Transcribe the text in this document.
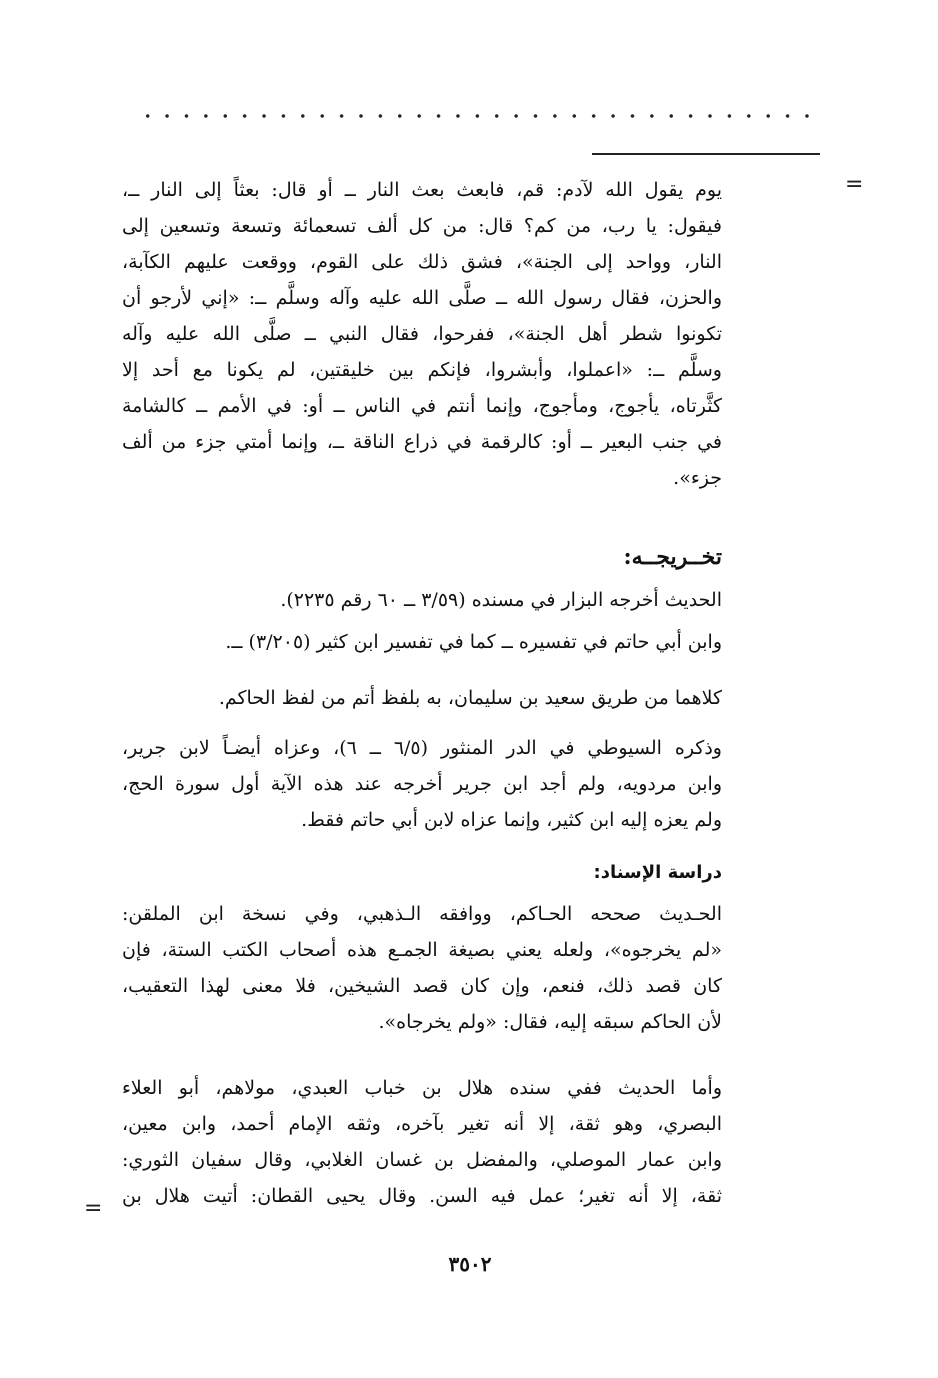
=
يوم يقول الله لآدم: قم، فابعث بعث النار ــ أو قال: بعثاً إلى النار ــ،
فيقول: يا رب، من كم؟ قال: من كل ألف تسعمائة وتسعة وتسعين إلى
النار، وواحد إلى الجنة»، فشق ذلك على القوم، ووقعت عليهم الكآبة،
والحزن، فقال رسول الله ــ صلَّى الله عليه وآله وسلَّم ــ: «إني لأرجو أن
تكونوا شطر أهل الجنة»، ففرحوا، فقال النبي ــ صلَّى الله عليه وآله
وسلَّم ــ: «اعملوا، وأبشروا، فإنكم بين خليقتين، لم يكونا مع أحد إلا
كثَّرتاه، يأجوج، ومأجوج، وإنما أنتم في الناس ــ أو: في الأمم ــ كالشامة
في جنب البعير ــ أو: كالرقمة في ذراع الناقة ــ، وإنما أمتي جزء من ألف
جزء».
تخــريجــه:
الحديث أخرجه البزار في مسنده (٣/٥٩ ــ ٦٠ رقم ٢٢٣٥).
وابن أبي حاتم في تفسيره ــ كما في تفسير ابن كثير (٣/٢٠٥) ــ.
كلاهما من طريق سعيد بن سليمان، به بلفظ أتم من لفظ الحاكم.
وذكره السيوطي في الدر المنثور (٦/٥ ــ ٦)، وعزاه أيضـاً لابن جرير،
وابن مردويه، ولم أجد ابن جرير أخرجه عند هذه الآية أول سورة الحج،
ولم يعزه إليه ابن كثير، وإنما عزاه لابن أبي حاتم فقط.
دراسة الإسناد:
الحـديث صححه الحـاكم، ووافقه الـذهبي، وفي نسخة ابن الملقن:
«لم يخرجوه»، ولعله يعني بصيغة الجمـع هذه أصحاب الكتب الستة، فإن
كان قصد ذلك، فنعم، وإن كان قصد الشيخين، فلا معنى لهذا التعقيب،
لأن الحاكم سبقه إليه، فقال: «ولم يخرجاه».
وأما الحديث ففي سنده هلال بن خباب العبدي، مولاهم، أبو العلاء
البصري، وهو ثقة، إلا أنه تغير بآخره، وثقه الإمام أحمد، وابن معين،
وابن عمار الموصلي، والمفضل بن غسان الغلابي، وقال سفيان الثوري:
ثقة، إلا أنه تغير؛ عمل فيه السن. وقال يحيى القطان: أتيت هلال بن
=
٣٥٠٢
